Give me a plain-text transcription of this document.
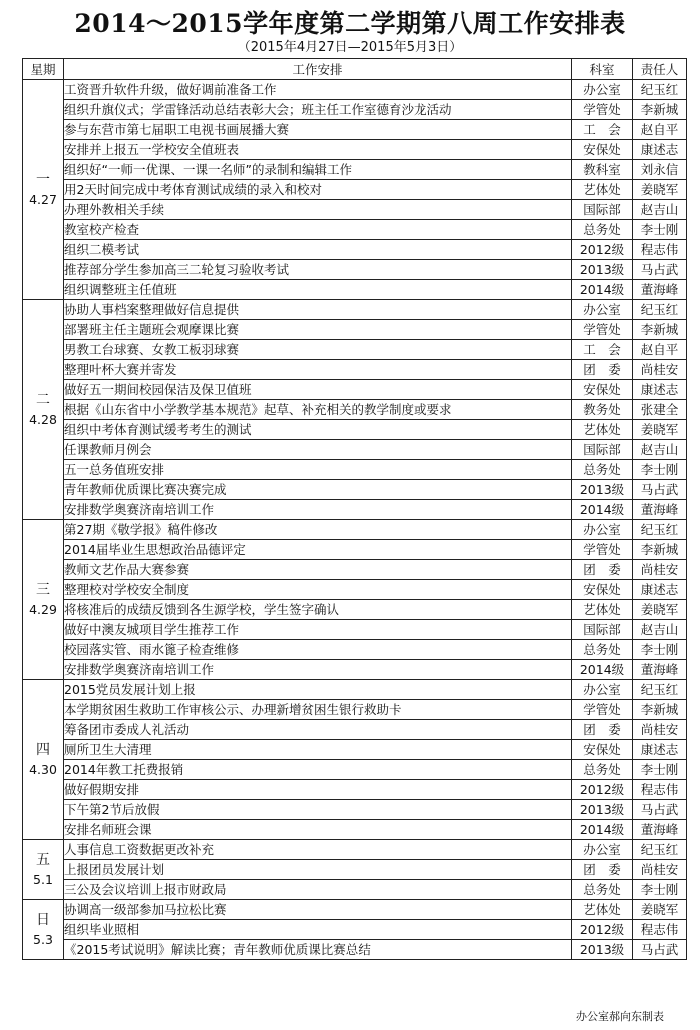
2014～2015学年度第二学期第八周工作安排表
（2015年4月27日—2015年5月3日）
星期	工作安排	科室	责任人

一
4.27	工资晋升软件升级，做好调前准备工作	办公室	纪玉红
	组织升旗仪式；学雷锋活动总结表彰大会；班主任工作室德育沙龙活动	学管处	李新城
	参与东营市第七届职工电视书画展播大赛	工　会	赵自平
	安排并上报五一学校安全值班表	安保处	康述志
	组织好“一师一优课、一课一名师”的录制和编辑工作	教科室	刘永信
	用2天时间完成中考体育测试成绩的录入和校对	艺体处	姜晓军
	办理外教相关手续	国际部	赵吉山
	教室校产检查	总务处	李士刚
	组织二模考试	2012级	程志伟
	推荐部分学生参加高三二轮复习验收考试	2013级	马占武
	组织调整班主任值班	2014级	董海峰

二
4.28	协助人事档案整理做好信息提供	办公室	纪玉红
	部署班主任主题班会观摩课比赛	学管处	李新城
	男教工台球赛、女教工板羽球赛	工　会	赵自平
	整理叶杯大赛并寄发	团　委	尚桂安
	做好五一期间校园保洁及保卫值班	安保处	康述志
	根据《山东省中小学教学基本规范》起草、补充相关的教学制度或要求	教务处	张建全
	组织中考体育测试缓考考生的测试	艺体处	姜晓军
	任课教师月例会	国际部	赵吉山
	五一总务值班安排	总务处	李士刚
	青年教师优质课比赛决赛完成	2013级	马占武
	安排数学奥赛济南培训工作	2014级	董海峰

三
4.29	第27期《敬学报》稿件修改	办公室	纪玉红
	2014届毕业生思想政治品德评定	学管处	李新城
	教师文艺作品大赛参赛	团　委	尚桂安
	整理校对学校安全制度	安保处	康述志
	将核准后的成绩反馈到各生源学校，学生签字确认	艺体处	姜晓军
	做好中澳友城项目学生推荐工作	国际部	赵吉山
	校园落实管、雨水篦子检查维修	总务处	李士刚
	安排数学奥赛济南培训工作	2014级	董海峰

四
4.30	2015党员发展计划上报	办公室	纪玉红
	本学期贫困生救助工作审核公示、办理新增贫困生银行救助卡	学管处	李新城
	筹备团市委成人礼活动	团　委	尚桂安
	厕所卫生大清理	安保处	康述志
	2014年教工托费报销	总务处	李士刚
	做好假期安排	2012级	程志伟
	下午第2节后放假	2013级	马占武
	安排名师班会课	2014级	董海峰

五
5.1	人事信息工资数据更改补充	办公室	纪玉红
	上报团员发展计划	团　委	尚桂安
	三公及会议培训上报市财政局	总务处	李士刚

日
5.3	协调高一级部参加马拉松比赛	艺体处	姜晓军
	组织毕业照相	2012级	程志伟
	《2015考试说明》解读比赛；青年教师优质课比赛总结	2013级	马占武
办公室郝向东制表
